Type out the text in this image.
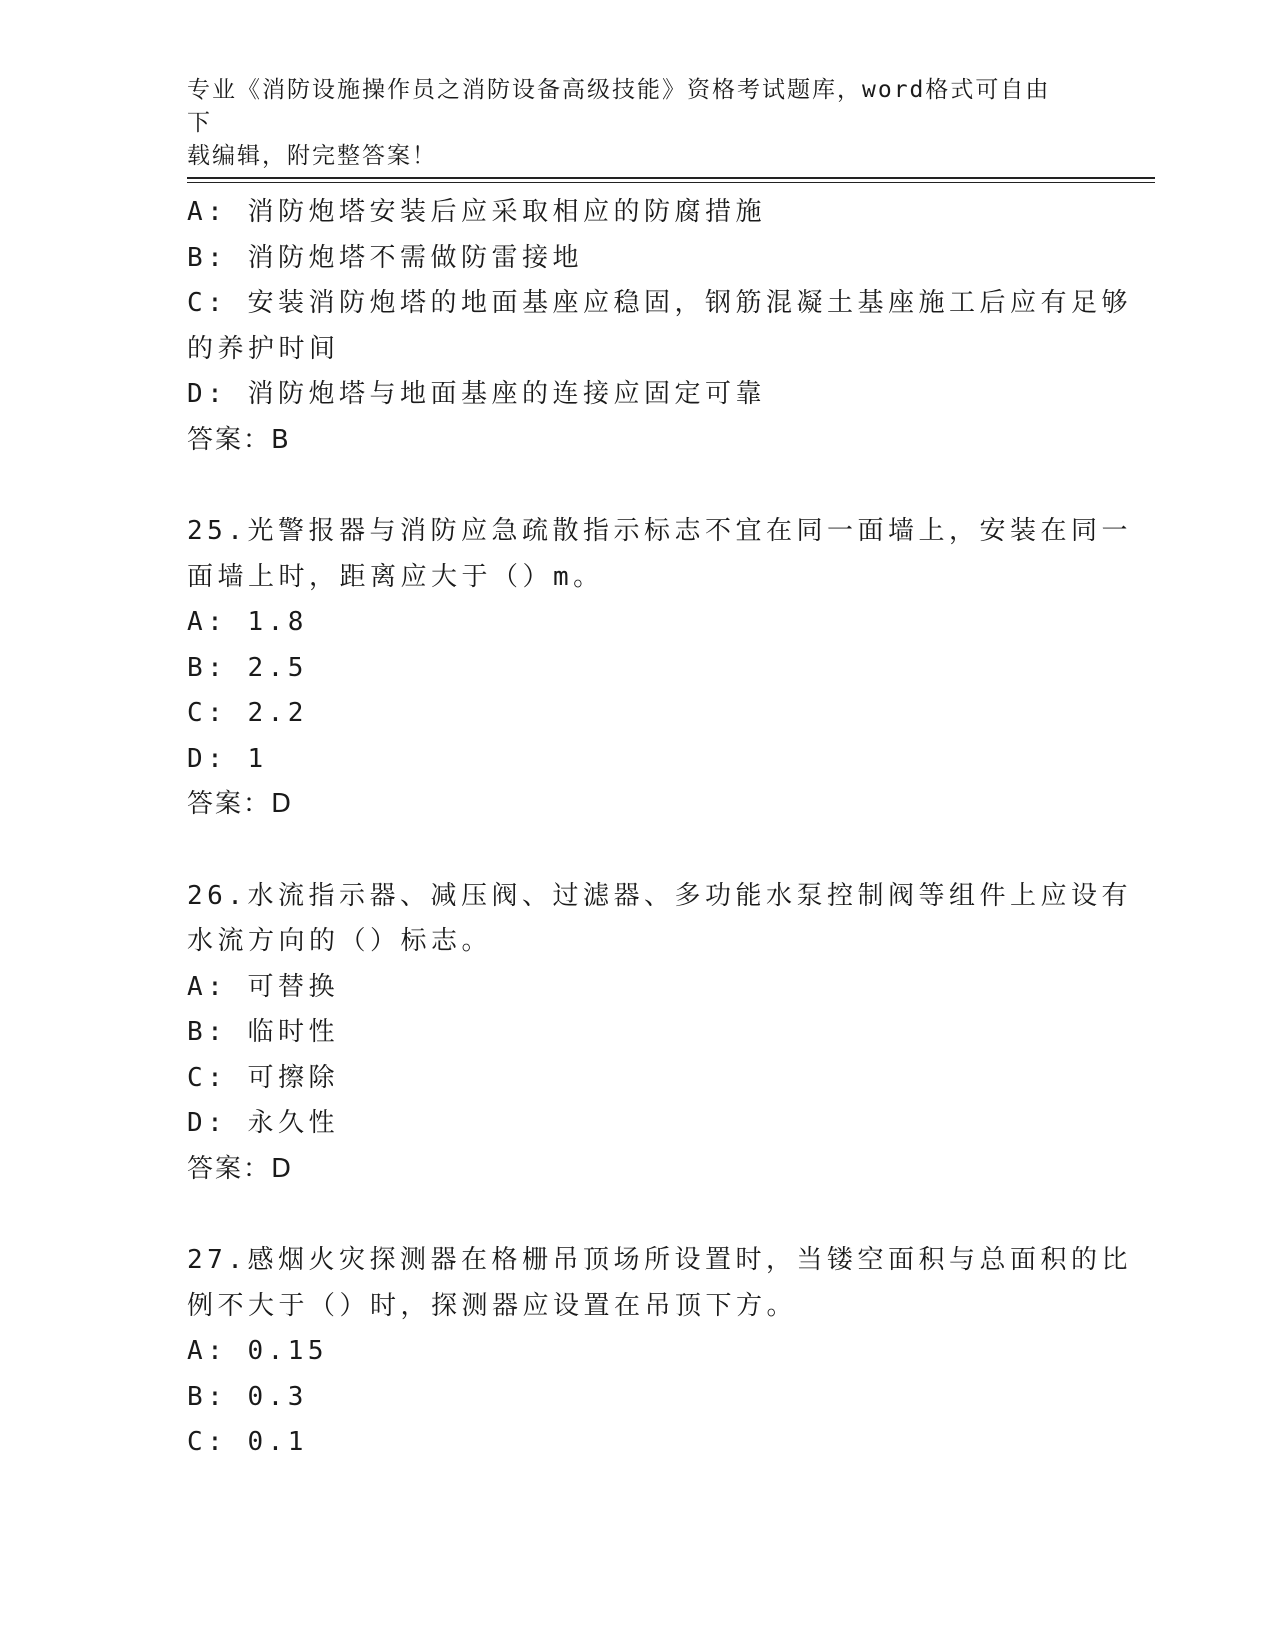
专业《消防设施操作员之消防设备高级技能》资格考试题库，word格式可自由下
载编辑，附完整答案！
A: 消防炮塔安装后应采取相应的防腐措施
B: 消防炮塔不需做防雷接地
C: 安装消防炮塔的地面基座应稳固，钢筋混凝土基座施工后应有足够
的养护时间
D: 消防炮塔与地面基座的连接应固定可靠
答案：B
25.光警报器与消防应急疏散指示标志不宜在同一面墙上，安装在同一
面墙上时，距离应大于（）m。
A: 1.8
B: 2.5
C: 2.2
D: 1
答案：D
26.水流指示器、减压阀、过滤器、多功能水泵控制阀等组件上应设有
水流方向的（）标志。
A: 可替换
B: 临时性
C: 可擦除
D: 永久性
答案：D
27.感烟火灾探测器在格栅吊顶场所设置时，当镂空面积与总面积的比
例不大于（）时，探测器应设置在吊顶下方。
A: 0.15
B: 0.3
C: 0.1
